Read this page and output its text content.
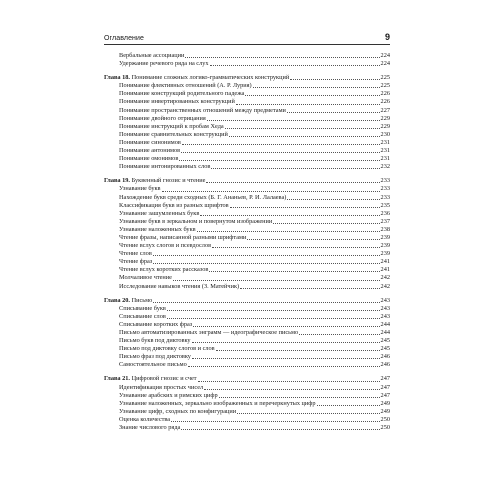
Оглавление	9
Вербальные ассоциации	224
Удержание речевого ряда на слух	224
Глава 18. Понимание сложных логико-грамматических конструкций	225
Понимание флективных отношений (А. Р. Лурия)	225
Понимание конструкций родительного падежа	226
Понимание инвертированных конструкций	226
Понимание пространственных отношений между предметами	227
Понимание двойного отрицания	229
Понимание инструкций к пробам Хеда	229
Понимание сравнительных конструкций	230
Понимание синонимов	231
Понимание антонимов	231
Понимание омонимов	231
Понимание интонированных слов	232
Глава 19. Буквенный гнозис и чтение	233
Узнавание букв	233
Нахождение букв среди сходных (Б. Г. Ананьев, Р. И. Лалаева)	233
Классификация букв из разных шрифтов	235
Узнавание зашумленных букв	236
Узнавание букв в зеркальном и повернутом изображении	237
Узнавание наложенных букв	238
Чтение фразы, написанной разными шрифтами	239
Чтение вслух слогов и псевдослов	239
Чтение слов	239
Чтение фраз	241
Чтение вслух коротких рассказов	241
Молчаливое чтение	242
Исследование навыков чтения (З. Матейчик)	242
Глава 20. Письмо	243
Списывание букв	243
Списывание слов	243
Списывание коротких фраз	244
Письмо автоматизированных энграмм — идеографическое письмо	244
Письмо букв под диктовку	245
Письмо под диктовку слогов и слов	245
Письмо фраз под диктовку	246
Самостоятельное письмо	246
Глава 21. Цифровой гнозис и счет	247
Идентификация простых чисел	247
Узнавание арабских и римских цифр	247
Узнавание наложенных, зеркально изображенных и перечеркнутых цифр	249
Узнавание цифр, сходных по конфигурации	249
Оценка количества	250
Знание числового ряда	250
